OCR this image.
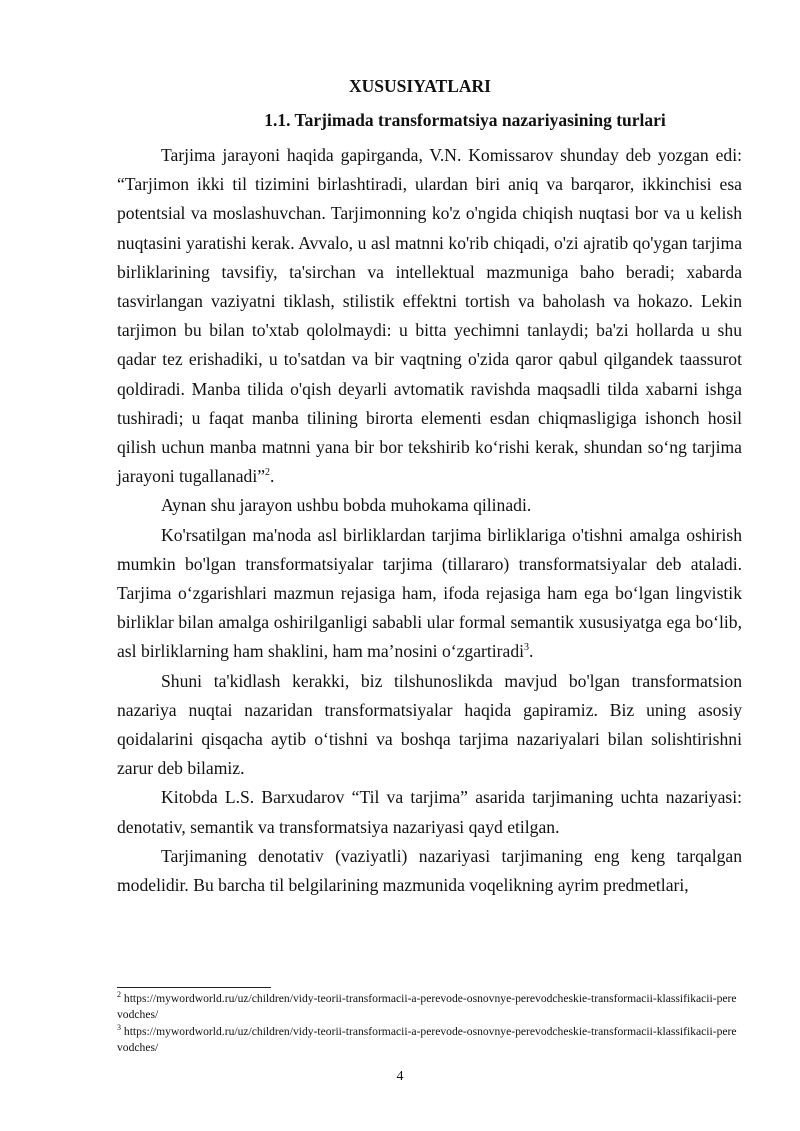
XUSUSIYATLARI
1.1. Tarjimada transformatsiya nazariyasining turlari

Tarjima jarayoni haqida gapirganda, V.N. Komissarov shunday deb yozgan edi: “Tarjimon ikki til tizimini birlashtiradi, ulardan biri aniq va barqaror, ikkinchisi esa potentsial va moslashuvchan. Tarjimonning ko'z o'ngida chiqish nuqtasi bor va u kelish nuqtasini yaratishi kerak. Avvalo, u asl matnni ko'rib chiqadi, o'zi ajratib qo'ygan tarjima birliklarining tavsifiy, ta'sirchan va intellektual mazmuniga baho beradi; xabarda tasvirlangan vaziyatni tiklash, stilistik effektni tortish va baholash va hokazo. Lekin tarjimon bu bilan to'xtab qololmaydi: u bitta yechimni tanlaydi; ba'zi hollarda u shu qadar tez erishadiki, u to'satdan va bir vaqtning o'zida qaror qabul qilgandek taassurot qoldiradi. Manba tilida o'qish deyarli avtomatik ravishda maqsadli tilda xabarni ishga tushiradi; u faqat manba tilining birorta elementi esdan chiqmasligiga ishonch hosil qilish uchun manba matnni yana bir bor tekshirib ko‘rishi kerak, shundan so‘ng tarjima jarayoni tugallanadi”$^2$.

Aynan shu jarayon ushbu bobda muhokama qilinadi.

Ko'rsatilgan ma'noda asl birliklardan tarjima birliklariga o'tishni amalga oshirish mumkin bo'lgan transformatsiyalar tarjima (tillararo) transformatsiyalar deb ataladi. Tarjima o‘zgarishlari mazmun rejasiga ham, ifoda rejasiga ham ega bo‘lgan lingvistik birliklar bilan amalga oshirilganligi sababli ular formal semantik xususiyatga ega bo‘lib, asl birliklarning ham shaklini, ham ma’nosini o‘zgartiradi$^3$.

Shuni ta'kidlash kerakki, biz tilshunoslikda mavjud bo'lgan transformatsion nazariya nuqtai nazaridan transformatsiyalar haqida gapiramiz. Biz uning asosiy qoidalarini qisqacha aytib o‘tishni va boshqa tarjima nazariyalari bilan solishtirishni zarur deb bilamiz.

Kitobda L.S. Barxudarov “Til va tarjima” asarida tarjimaning uchta nazariyasi: denotativ, semantik va transformatsiya nazariyasi qayd etilgan.

Tarjimaning denotativ (vaziyatli) nazariyasi tarjimaning eng keng tarqalgan modelidir. Bu barcha til belgilarining mazmunida voqelikning ayrim predmetlari,

$^2$ https://mywordworld.ru/uz/children/vidy-teorii-transformacii-a-perevode-osnovnye-perevodcheskie-transformacii-klassifikacii-perevodches/

$^3$ https://mywordworld.ru/uz/children/vidy-teorii-transformacii-a-perevode-osnovnye-perevodcheskie-transformacii-klassifikacii-perevodches/

4
